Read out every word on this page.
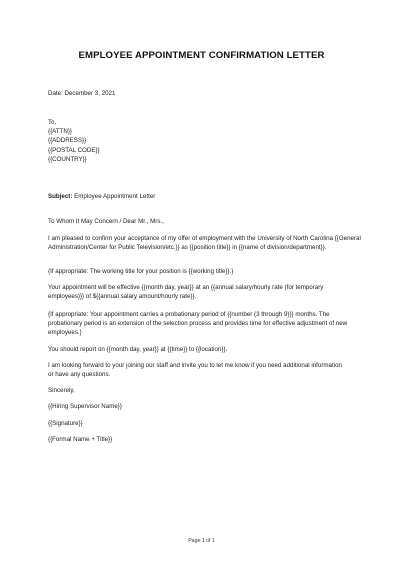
EMPLOYEE APPOINTMENT CONFIRMATION LETTER
Date: December 3, 2021
To,
{{ATTN}}
{{ADDRESS}}
{{POSTAL CODE}}
{{COUNTRY}}
Subject: Employee Appointment Letter
To Whom It May Concern / Dear Mr., Mrs.,
I am pleased to confirm your acceptance of my offer of employment with the University of North Carolina {{General Administration/Center for Public Television/etc.}} as {{position title}} in {{name of division/department}}.
{If appropriate: The working title for your position is {{working title}}.}
Your appointment will be effective {{month day, year}} at an {{annual salary/hourly rate (for temporary employees)}} of ${{annual salary amount/hourly rate}}.
{If appropriate: Your appointment carries a probationary period of {{number (3 through 9)}} months. The probationary period is an extension of the selection process and provides time for effective adjustment of new employees.}
You should report on {{month day, year}} at {{time}} to {{location}}.
I am looking forward to your joining our staff and invite you to let me know if you need additional information or have any questions.
Sincerely,
{{Hiring Supervisor Name}}
{{Signature}}
{{Formal Name + Title}}
Page 1 of 1
